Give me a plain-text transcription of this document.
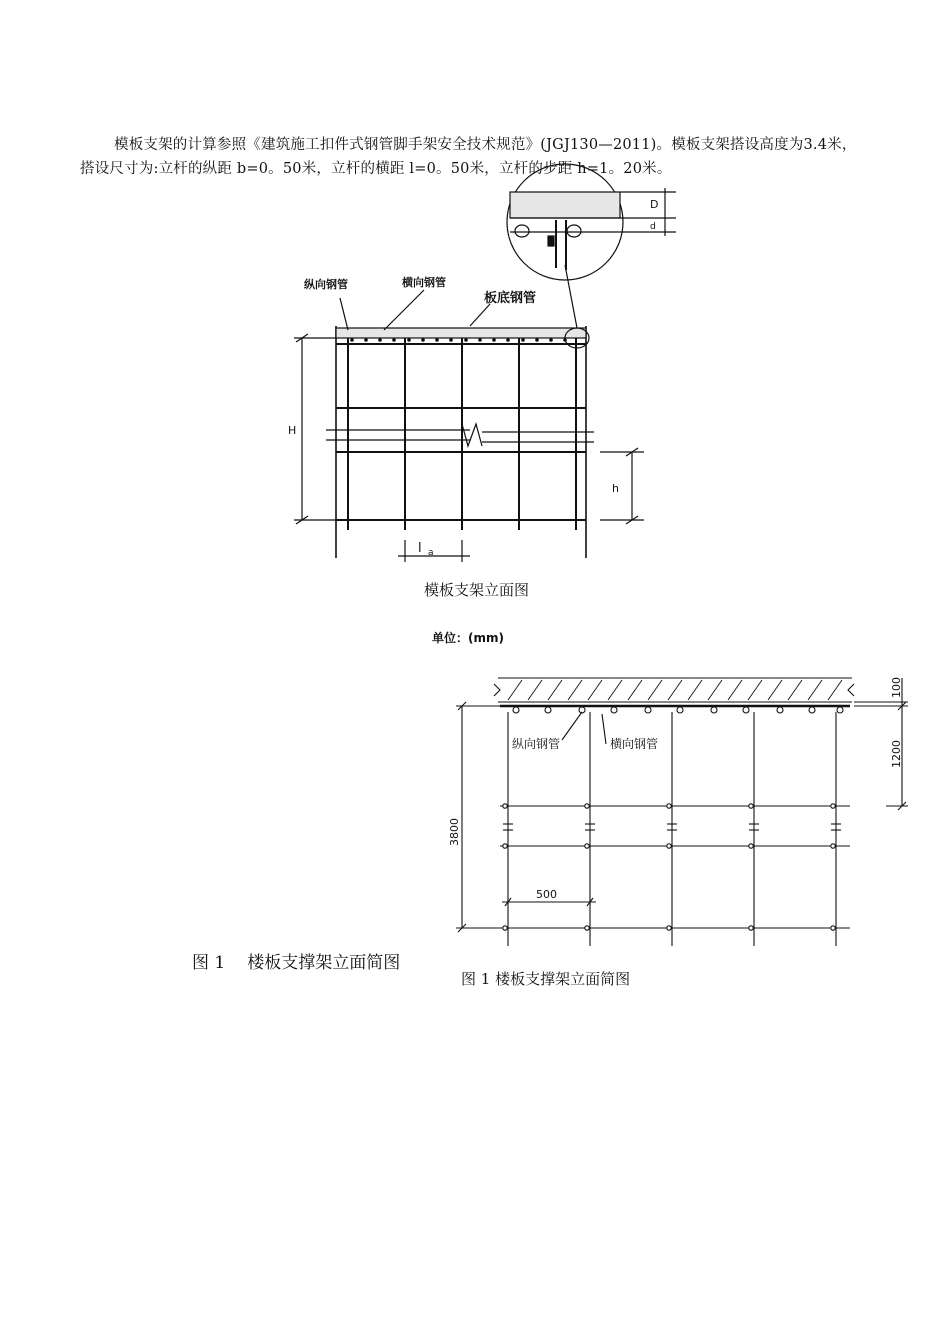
模板支架的计算参照《建筑施工扣件式钢管脚手架安全技术规范》(JGJ130—2011)。模板支架搭设高度为3.4米，搭设尺寸为:立杆的纵距 b=0。50米，立杆的横距 l=0。50米，立杆的步距 h=1。20米。

纵向钢管	横向钢管
板底钢管
H
h
l a
D
d
模板支架立面图
单位：(mm)
纵向钢管	横向钢管
100
1200
3800
500
图 1 楼板支撑架立面简图
图 1 楼板支撑架立面简图
